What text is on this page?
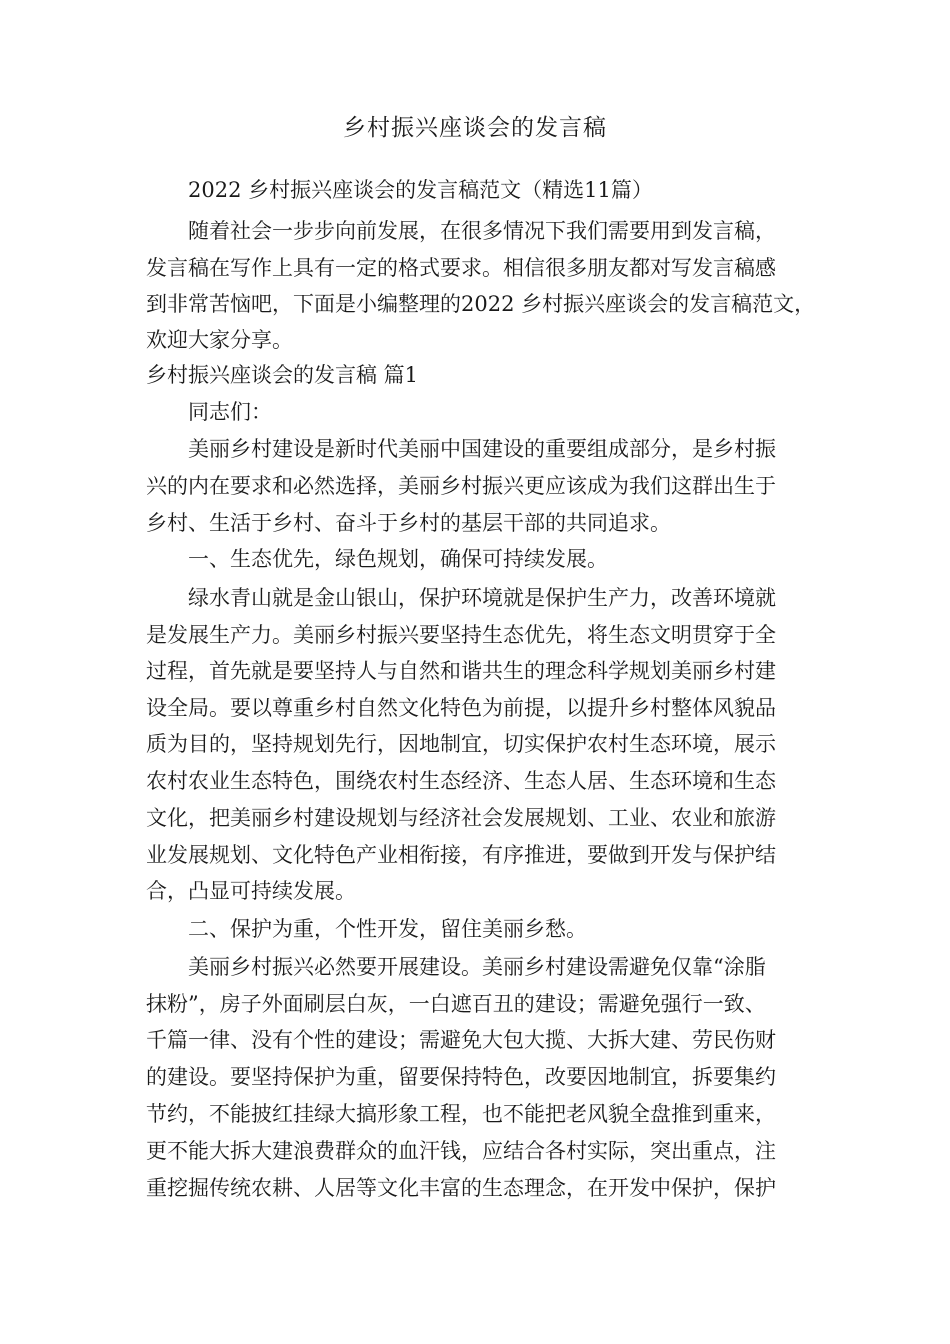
乡村振兴座谈会的发言稿
2022 乡村振兴座谈会的发言稿范文（精选11篇）
随着社会一步步向前发展，在很多情况下我们需要用到发言稿，
发言稿在写作上具有一定的格式要求。相信很多朋友都对写发言稿感
到非常苦恼吧，下面是小编整理的2022 乡村振兴座谈会的发言稿范文，
欢迎大家分享。
乡村振兴座谈会的发言稿 篇1
同志们：
美丽乡村建设是新时代美丽中国建设的重要组成部分，是乡村振
兴的内在要求和必然选择，美丽乡村振兴更应该成为我们这群出生于
乡村、生活于乡村、奋斗于乡村的基层干部的共同追求。
一、生态优先，绿色规划，确保可持续发展。
绿水青山就是金山银山，保护环境就是保护生产力，改善环境就
是发展生产力。美丽乡村振兴要坚持生态优先，将生态文明贯穿于全
过程，首先就是要坚持人与自然和谐共生的理念科学规划美丽乡村建
设全局。要以尊重乡村自然文化特色为前提，以提升乡村整体风貌品
质为目的，坚持规划先行，因地制宜，切实保护农村生态环境，展示
农村农业生态特色，围绕农村生态经济、生态人居、生态环境和生态
文化，把美丽乡村建设规划与经济社会发展规划、工业、农业和旅游
业发展规划、文化特色产业相衔接，有序推进，要做到开发与保护结
合，凸显可持续发展。
二、保护为重，个性开发，留住美丽乡愁。
美丽乡村振兴必然要开展建设。美丽乡村建设需避免仅靠“涂脂
抹粉”，房子外面刷层白灰，一白遮百丑的建设；需避免强行一致、
千篇一律、没有个性的建设；需避免大包大揽、大拆大建、劳民伤财
的建设。要坚持保护为重，留要保持特色，改要因地制宜，拆要集约
节约，不能披红挂绿大搞形象工程，也不能把老风貌全盘推到重来，
更不能大拆大建浪费群众的血汗钱，应结合各村实际，突出重点，注
重挖掘传统农耕、人居等文化丰富的生态理念，在开发中保护，保护
